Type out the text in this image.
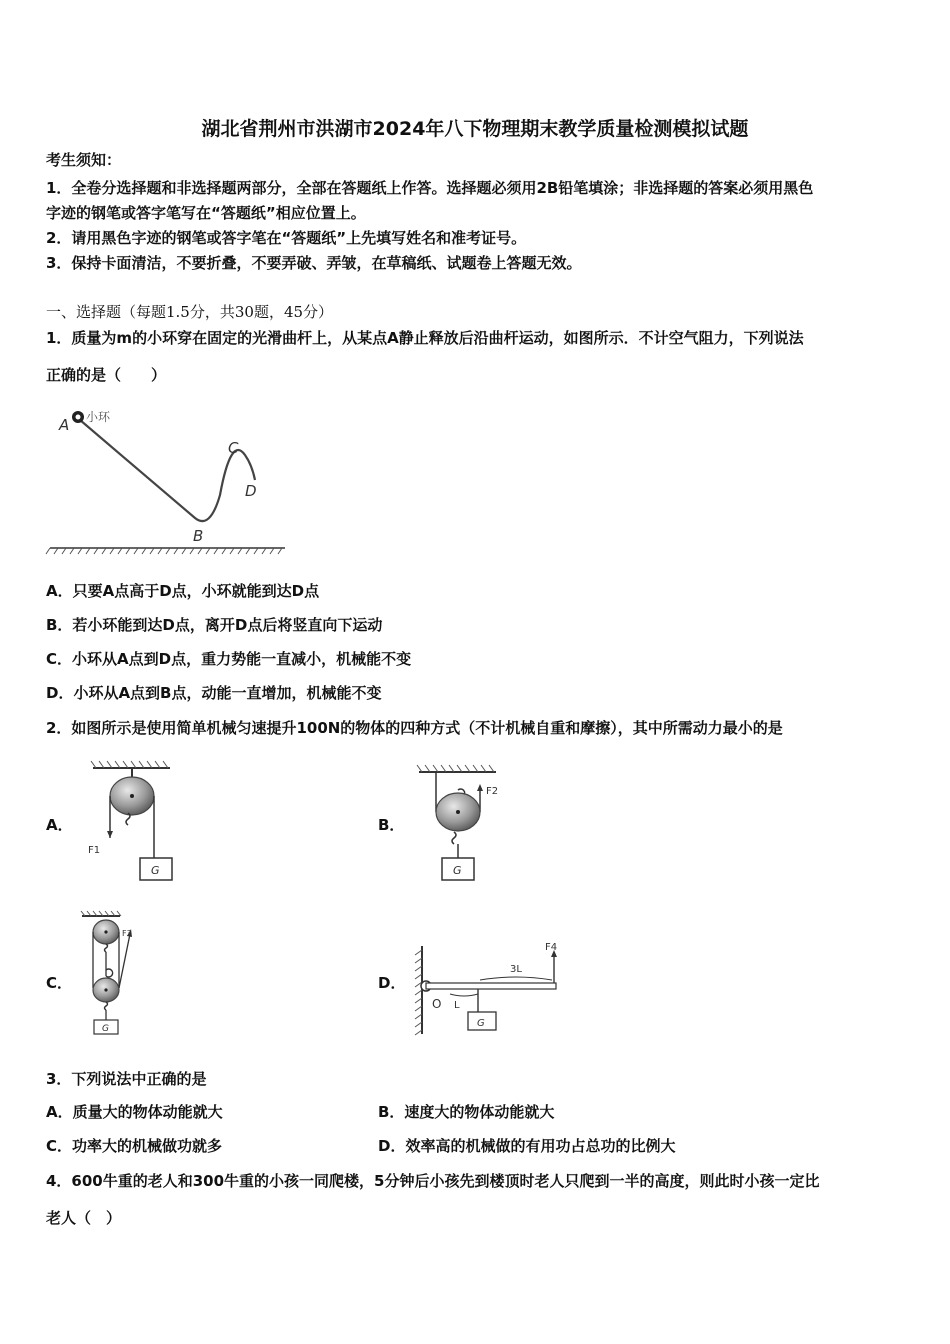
湖北省荆州市洪湖市2024年八下物理期末教学质量检测模拟试题
考生须知：
1．全卷分选择题和非选择题两部分，全部在答题纸上作答。选择题必须用2B铅笔填涂；非选择题的答案必须用黑色
字迹的钢笔或答字笔写在“答题纸”相应位置上。
2．请用黑色字迹的钢笔或答字笔在“答题纸”上先填写姓名和准考证号。
3．保持卡面清洁，不要折叠，不要弄破、弄皱，在草稿纸、试题卷上答题无效。
一、选择题（每题1.5分，共30题，45分）
1．质量为m的小环穿在固定的光滑曲杆上，从某点A静止释放后沿曲杆运动，如图所示．不计空气阻力，下列说法
正确的是（　　）
A 小环
B
C
D
A．只要A点高于D点，小环就能到达D点
B．若小环能到达D点，离开D点后将竖直向下运动
C．小环从A点到D点，重力势能一直减小，机械能不变
D．小环从A点到B点，动能一直增加，机械能不变
2．如图所示是使用简单机械匀速提升100N的物体的四种方式（不计机械自重和摩擦），其中所需动力最小的是
A．
F1
G
B．
F2
G
C．
F3
G
D．
O
G
L
3L
F4
3．下列说法中正确的是
A．质量大的物体动能就大	B．速度大的物体动能就大
C．功率大的机械做功就多	D．效率高的机械做的有用功占总功的比例大
4．600牛重的老人和300牛重的小孩一同爬楼，5分钟后小孩先到楼顶时老人只爬到一半的高度，则此时小孩一定比
老人（　）
